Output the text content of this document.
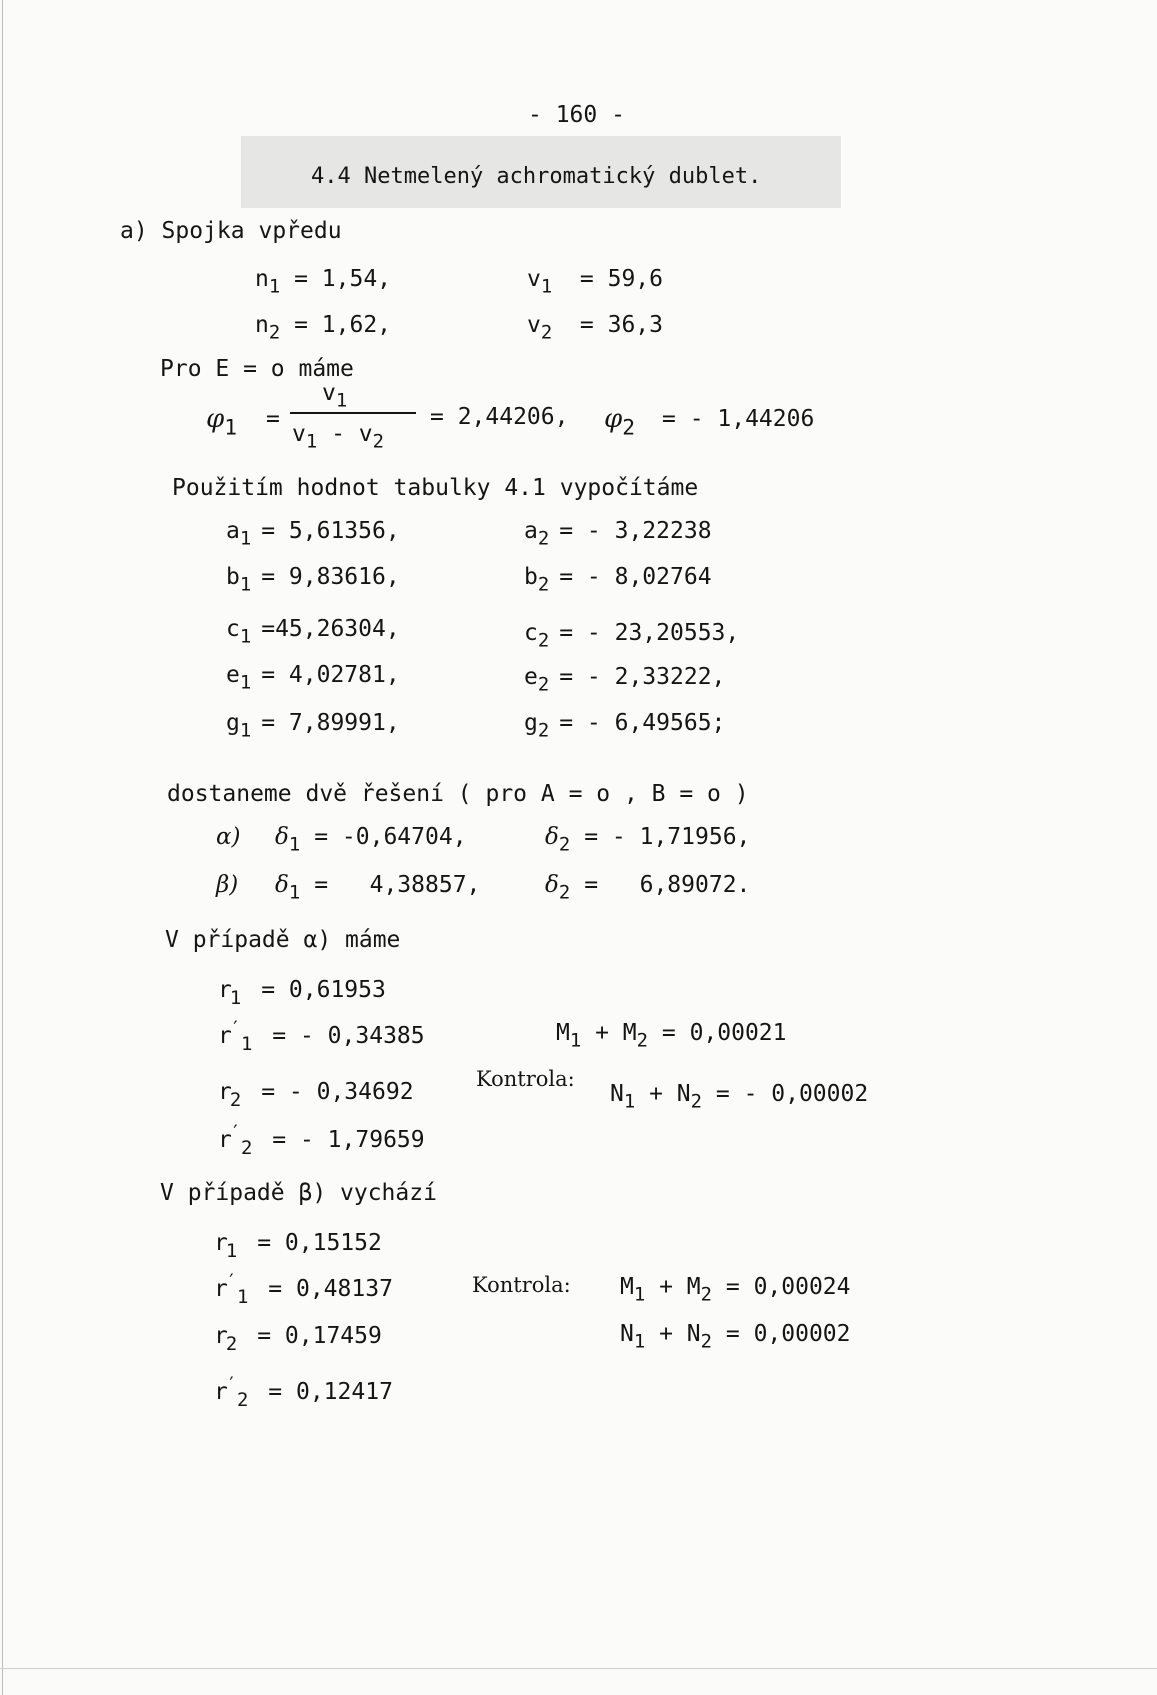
- 160 -
4.4 Netmelený achromatický dublet.
a) Spojka vpředu
$n_1 = 1,54$,
$n_2 = 1,62$,
$v_1 = 59,6$
$v_2 = 36,3$
Pro E = o máme
$\varphi_1$ =
$v_1$
$v_1 - v_2$
= 2,44206, $\varphi_2$ = - 1,44206
Použitím hodnot tabulky 4.1 vypočítáme
$a_1 = 5,61356$,
$b_1 = 9,83616$,
$c_1 =45,26304$,
$e_1 = 4,02781$,
$g_1 = 7,89991$,
$a_2$ = - 3,22238
$b_2$ = - 8,02764
$c_2$ = - 23,20553,
$e_2$ = - 2,33222,
$g_2$ = - 6,49565;
dostaneme dvě řešení ( pro A = o , B = o )
α) $\delta_1 = -0,64704$,	$\delta_2$ = - 1,71956,
β) $\delta_1 = 4,38857$,	$\delta_2 = 6,89072$.
V případě α) máme
$r_1 = 0,61953$
$r'_1$ = - 0,34385
$r_2$ = - 0,34692
$r'_2$ = - 1,79659
$M_1 + M_2 = 0,00021$
Kontrola:
$N_1 + N_2$ = - 0,00002
V případě β) vychází
$r_1 = 0,15152$
$r'_1 = 0,48137$
$r_2 = 0,17459$
$r'_2 = 0,12417$
Kontrola: $M_1 + M_2 = 0,00024$
$N_1 + N_2 = 0,00002$
